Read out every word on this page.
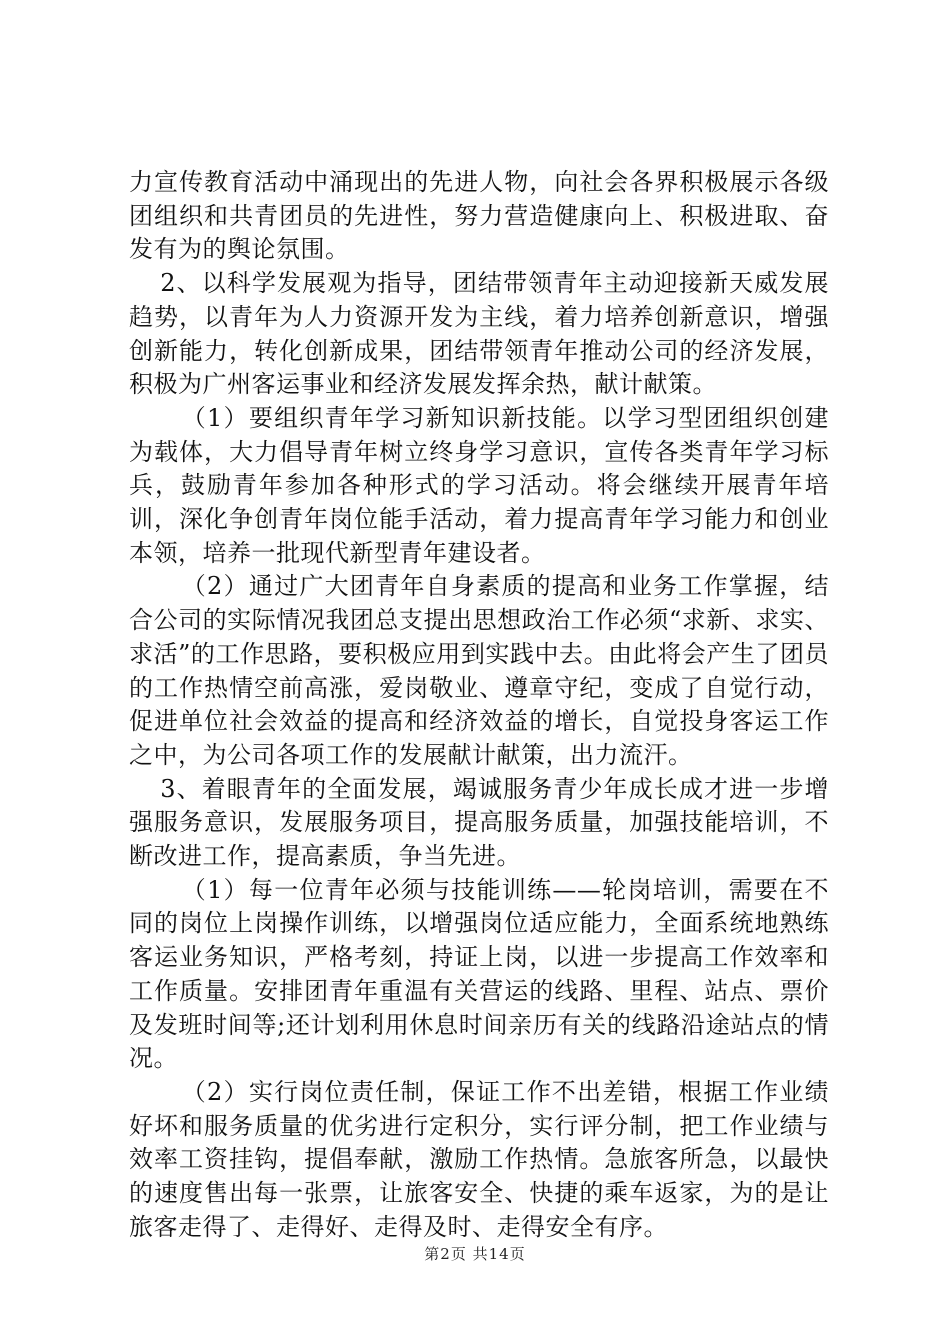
力宣传教育活动中涌现出的先进人物，向社会各界积极展示各级团组织和共青团员的先进性，努力营造健康向上、积极进取、奋发有为的舆论氛围。

2、以科学发展观为指导，团结带领青年主动迎接新天威发展趋势，以青年为人力资源开发为主线，着力培养创新意识，增强创新能力，转化创新成果，团结带领青年推动公司的经济发展，积极为广州客运事业和经济发展发挥余热，献计献策。

（1）要组织青年学习新知识新技能。以学习型团组织创建为载体，大力倡导青年树立终身学习意识，宣传各类青年学习标兵，鼓励青年参加各种形式的学习活动。将会继续开展青年培训，深化争创青年岗位能手活动，着力提高青年学习能力和创业本领，培养一批现代新型青年建设者。

（2）通过广大团青年自身素质的提高和业务工作掌握，结合公司的实际情况我团总支提出思想政治工作必须“求新、求实、求活”的工作思路，要积极应用到实践中去。由此将会产生了团员的工作热情空前高涨，爱岗敬业、遵章守纪，变成了自觉行动，促进单位社会效益的提高和经济效益的增长，自觉投身客运工作之中，为公司各项工作的发展献计献策，出力流汗。

3、着眼青年的全面发展，竭诚服务青少年成长成才进一步增强服务意识，发展服务项目，提高服务质量，加强技能培训，不断改进工作，提高素质，争当先进。

（1）每一位青年必须与技能训练——轮岗培训，需要在不同的岗位上岗操作训练，以增强岗位适应能力，全面系统地熟练客运业务知识，严格考刻，持证上岗，以进一步提高工作效率和工作质量。安排团青年重温有关营运的线路、里程、站点、票价及发班时间等;还计划利用休息时间亲历有关的线路沿途站点的情况。

（2）实行岗位责任制，保证工作不出差错，根据工作业绩好坏和服务质量的优劣进行定积分，实行评分制，把工作业绩与效率工资挂钩，提倡奉献，激励工作热情。急旅客所急，以最快的速度售出每一张票，让旅客安全、快捷的乘车返家，为的是让旅客走得了、走得好、走得及时、走得安全有序。

第2页 共14页
